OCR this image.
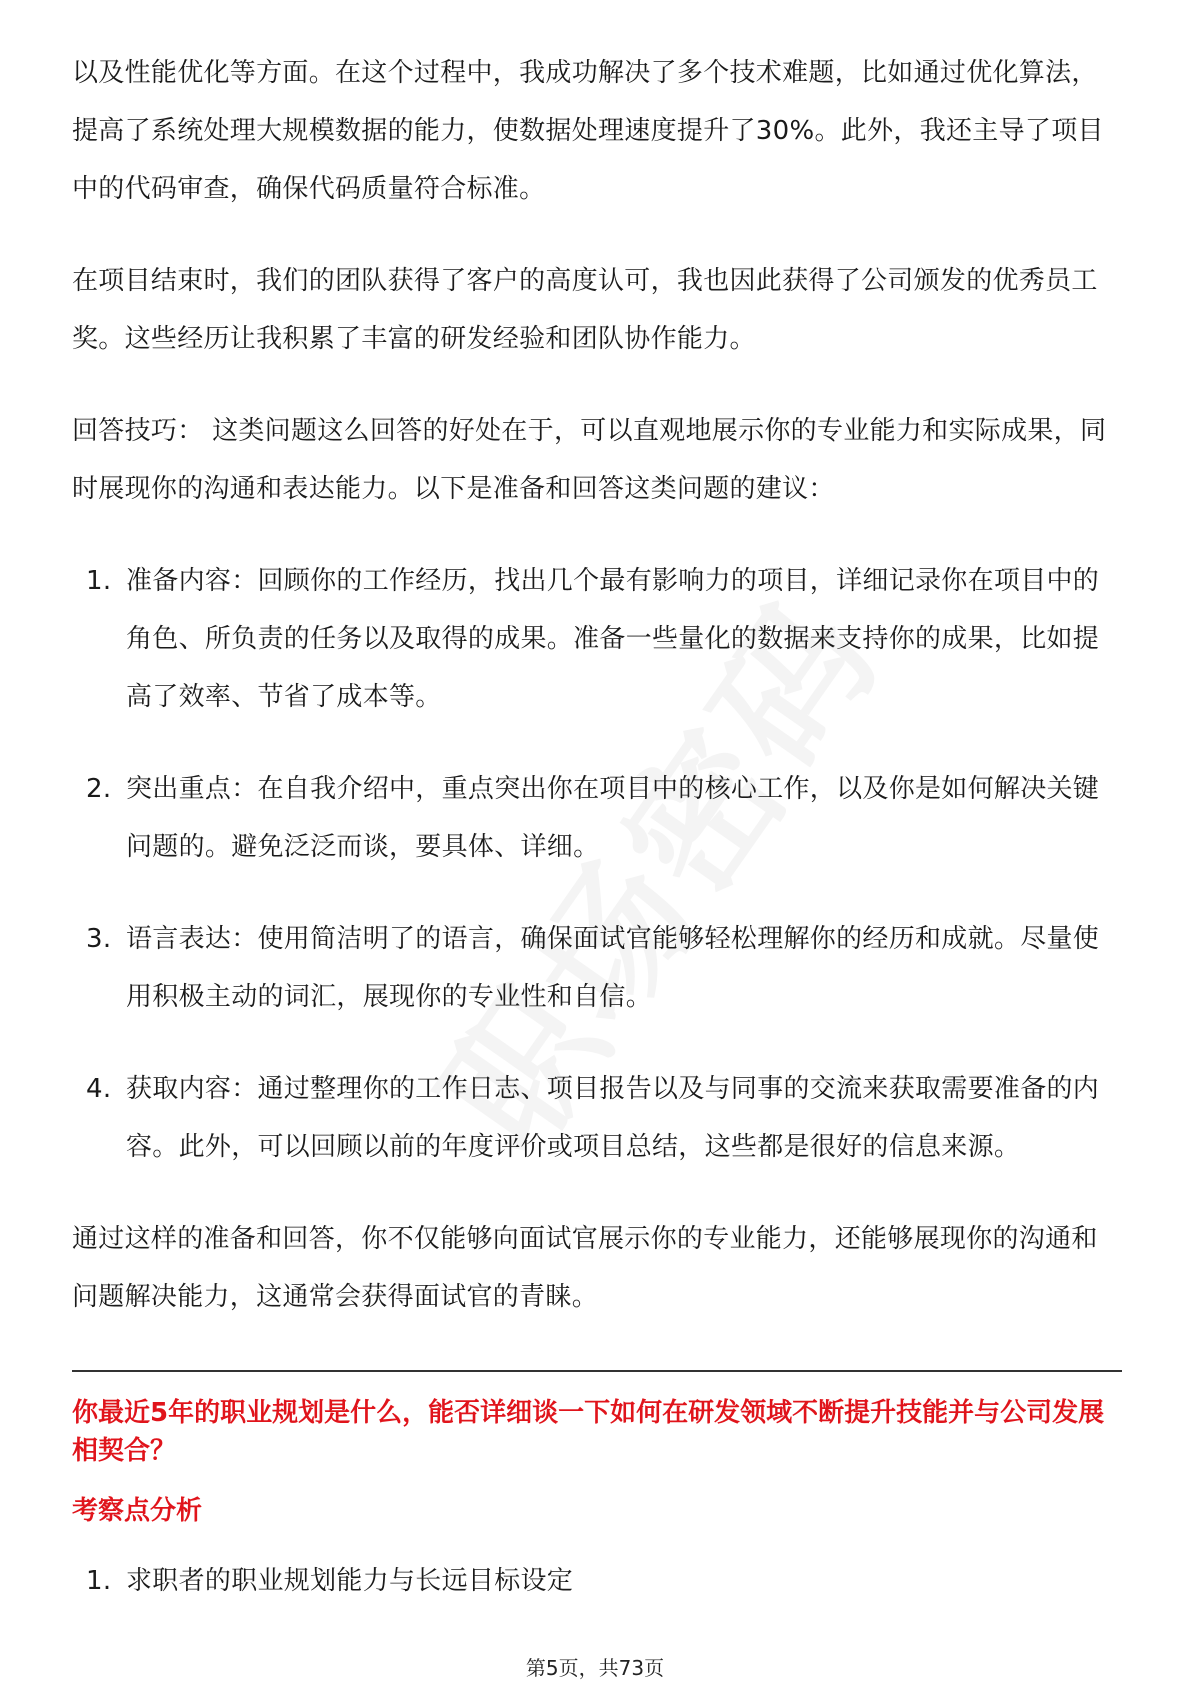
以及性能优化等方面。在这个过程中，我成功解决了多个技术难题，比如通过优化算法，提高了系统处理大规模数据的能力，使数据处理速度提升了30%。此外，我还主导了项目中的代码审查，确保代码质量符合标准。

在项目结束时，我们的团队获得了客户的高度认可，我也因此获得了公司颁发的优秀员工奖。这些经历让我积累了丰富的研发经验和团队协作能力。

回答技巧： 这类问题这么回答的好处在于，可以直观地展示你的专业能力和实际成果，同时展现你的沟通和表达能力。以下是准备和回答这类问题的建议：

1. 准备内容：回顾你的工作经历，找出几个最有影响力的项目，详细记录你在项目中的角色、所负责的任务以及取得的成果。准备一些量化的数据来支持你的成果，比如提高了效率、节省了成本等。
2. 突出重点：在自我介绍中，重点突出你在项目中的核心工作，以及你是如何解决关键问题的。避免泛泛而谈，要具体、详细。
3. 语言表达：使用简洁明了的语言，确保面试官能够轻松理解你的经历和成就。尽量使用积极主动的词汇，展现你的专业性和自信。
4. 获取内容：通过整理你的工作日志、项目报告以及与同事的交流来获取需要准备的内容。此外，可以回顾以前的年度评价或项目总结，这些都是很好的信息来源。

通过这样的准备和回答，你不仅能够向面试官展示你的专业能力，还能够展现你的沟通和问题解决能力，这通常会获得面试官的青睐。

你最近5年的职业规划是什么，能否详细谈一下如何在研发领域不断提升技能并与公司发展相契合？

考察点分析

1. 求职者的职业规划能力与长远目标设定
第5页，共73页
